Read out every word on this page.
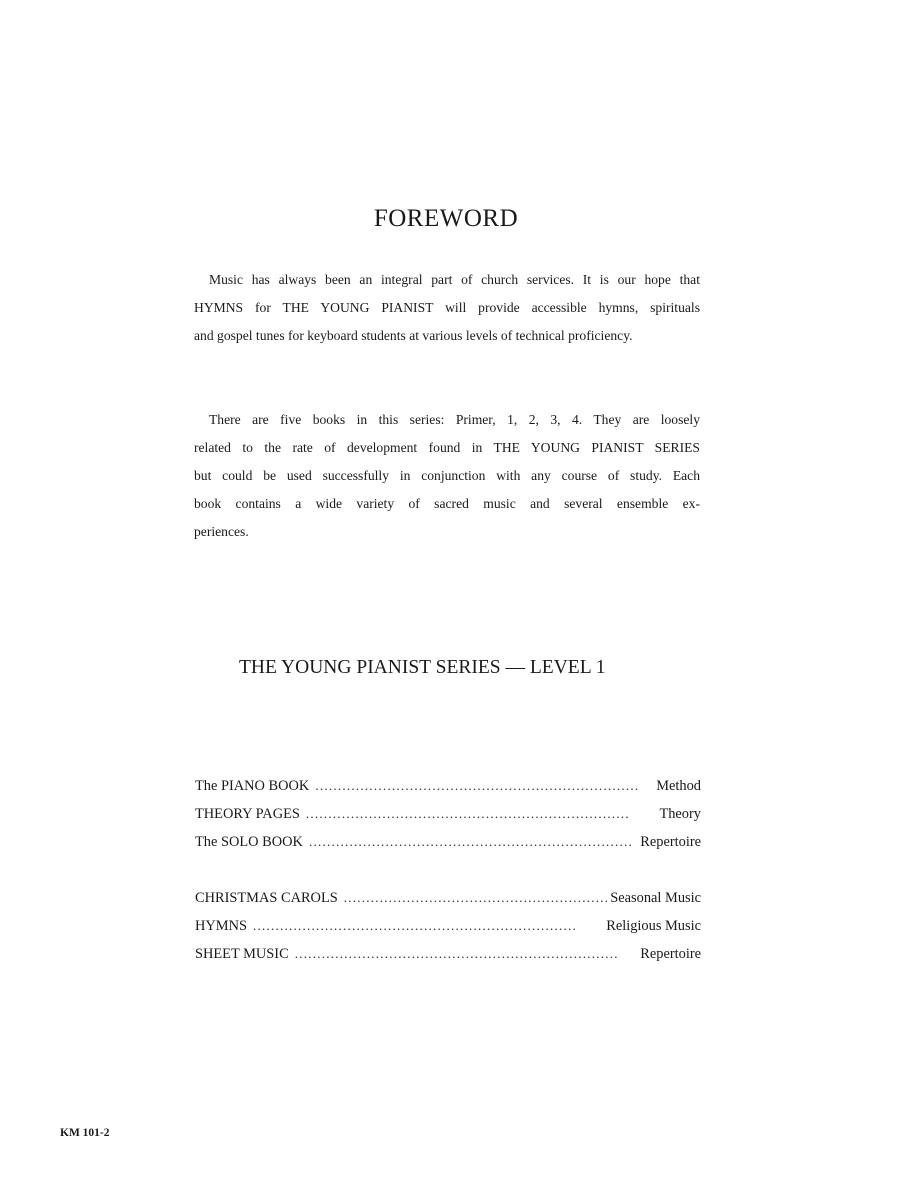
FOREWORD

Music has always been an integral part of church services. It is our hope that
HYMNS for THE YOUNG PIANIST will provide accessible hymns, spirituals
and gospel tunes for keyboard students at various levels of technical proficiency.

There are five books in this series: Primer, 1, 2, 3, 4. They are loosely
related to the rate of development found in THE YOUNG PIANIST SERIES
but could be used successfully in conjunction with any course of study. Each
book contains a wide variety of sacred music and several ensemble ex-
periences.

THE YOUNG PIANIST SERIES — LEVEL 1
The PIANO BOOK . . .	Method
THEORY PAGES . . .	Theory
The SOLO BOOK . . .	Repertoire
CHRISTMAS CAROLS . . .	Seasonal Music
HYMNS . . .	Religious Music
SHEET MUSIC . . .	Repertoire
KM 101-2
